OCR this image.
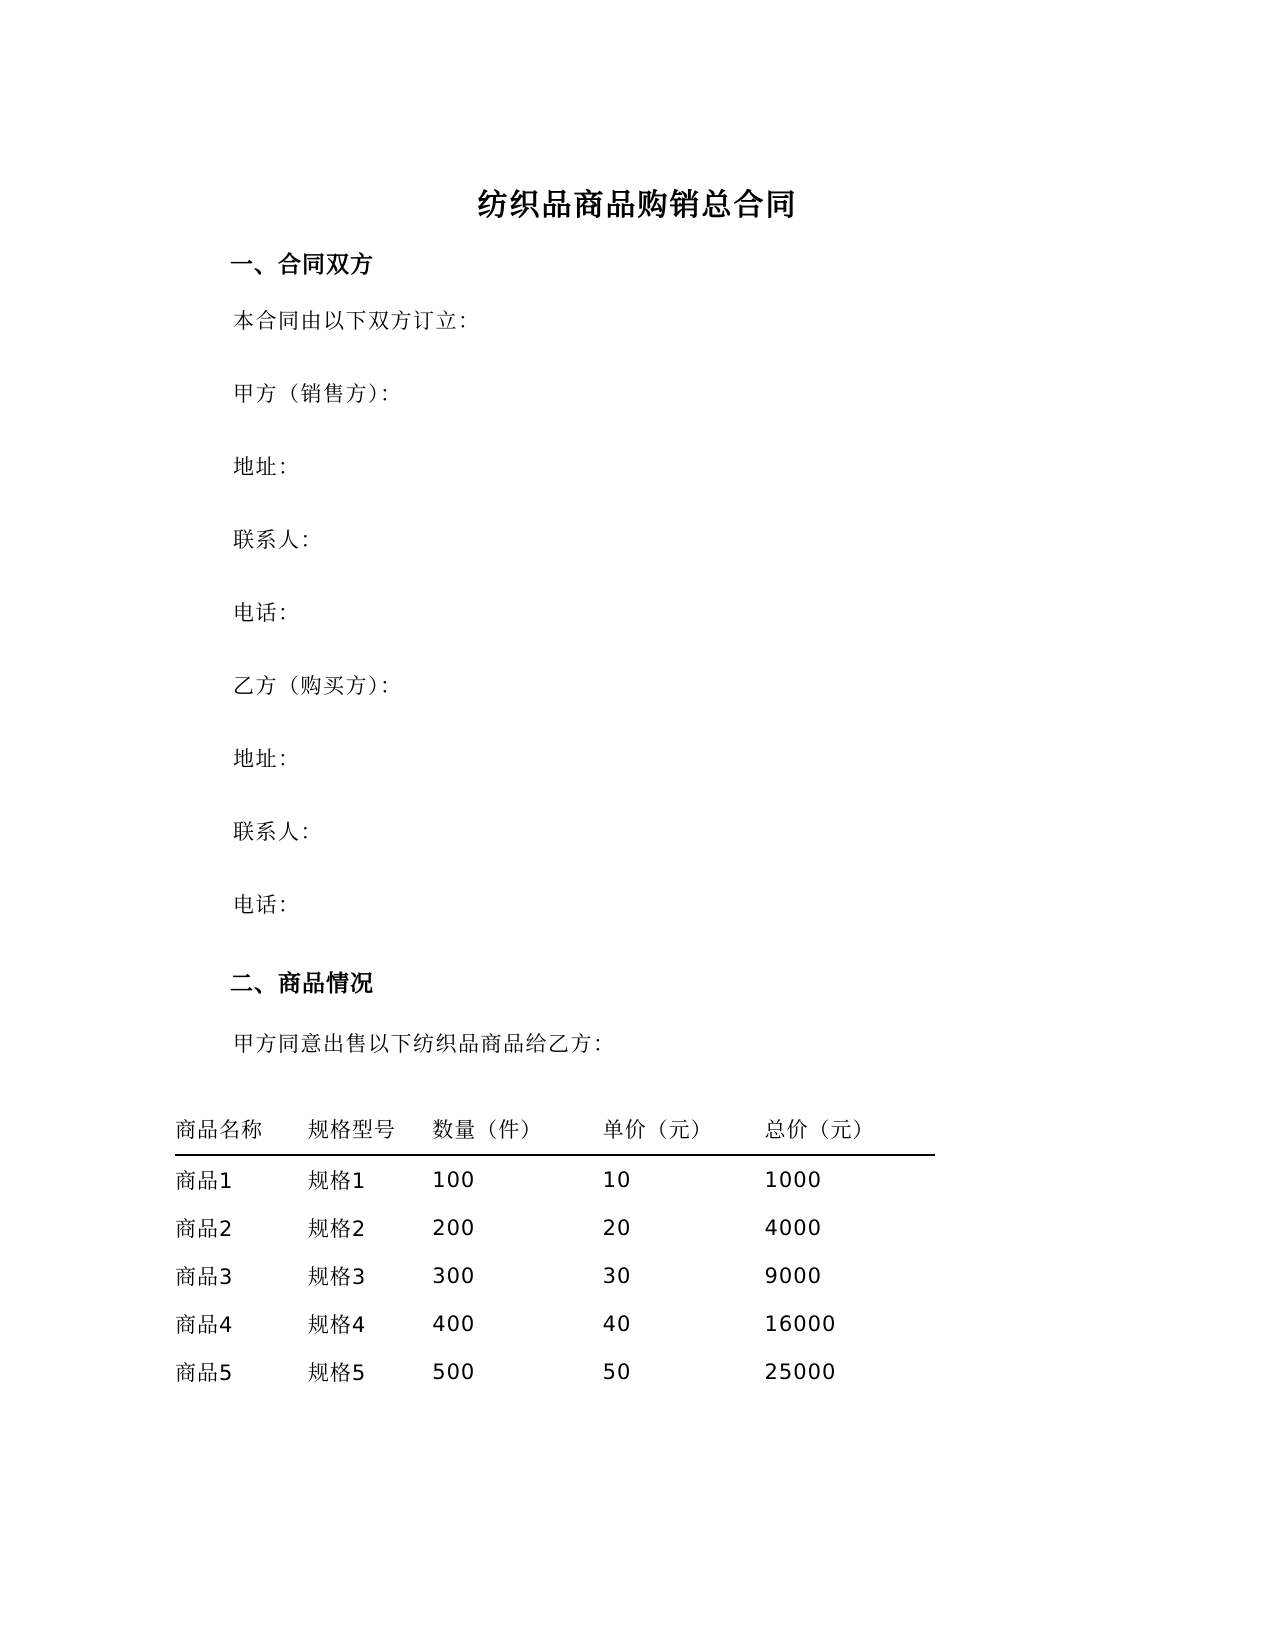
纺织品商品购销总合同
一、合同双方
本合同由以下双方订立：
甲方（销售方）：
地址：
联系人：
电话：
乙方（购买方）：
地址：
联系人：
电话：
二、商品情况
甲方同意出售以下纺织品商品给乙方：
商品名称	规格型号	数量（件）	单价（元）	总价（元）
商品1	规格1	100	10	1000
商品2	规格2	200	20	4000
商品3	规格3	300	30	9000
商品4	规格4	400	40	16000
商品5	规格5	500	50	25000
